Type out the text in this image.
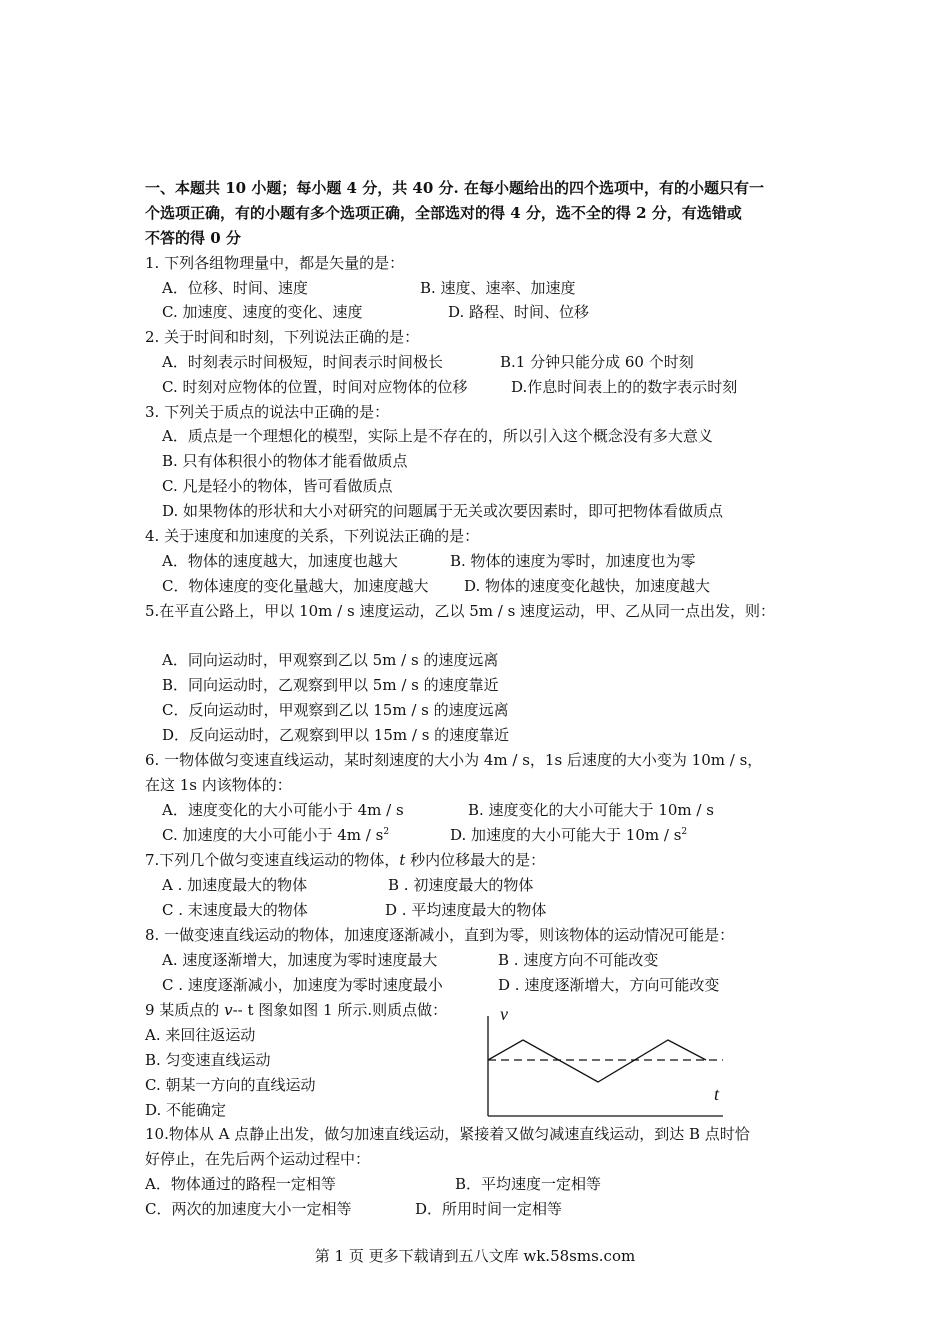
一、本题共 10 小题；每小题 4 分，共 40 分. 在每小题给出的四个选项中，有的小题只有一
个选项正确，有的小题有多个选项正确，全部选对的得 4 分，选不全的得 2 分，有选错或
不答的得 0 分
1. 下列各组物理量中，都是矢量的是：
A．位移、时间、速度	B. 速度、速率、加速度
C. 加速度、速度的变化、速度	D. 路程、时间、位移
2. 关于时间和时刻，下列说法正确的是：
A．时刻表示时间极短，时间表示时间极长	B.1 分钟只能分成 60 个时刻
C. 时刻对应物体的位置，时间对应物体的位移	D.作息时间表上的的数字表示时刻
3. 下列关于质点的说法中正确的是：
A．质点是一个理想化的模型，实际上是不存在的，所以引入这个概念没有多大意义
B. 只有体积很小的物体才能看做质点
C. 凡是轻小的物体，皆可看做质点
D. 如果物体的形状和大小对研究的问题属于无关或次要因素时，即可把物体看做质点
4. 关于速度和加速度的关系，下列说法正确的是：
A．物体的速度越大，加速度也越大	B. 物体的速度为零时，加速度也为零
C．物体速度的变化量越大，加速度越大 D. 物体的速度变化越快，加速度越大
5.在平直公路上，甲以 10m / s 速度运动，乙以 5m / s 速度运动，甲、乙从同一点出发，则：
A．同向运动时，甲观察到乙以 5m / s 的速度远离
B．同向运动时，乙观察到甲以 5m / s 的速度靠近
C．反向运动时，甲观察到乙以 15m / s 的速度远离
D．反向运动时，乙观察到甲以 15m / s 的速度靠近
6. 一物体做匀变速直线运动，某时刻速度的大小为 4m / s，1s 后速度的大小变为 10m / s，
在这 1s 内该物体的：
A．速度变化的大小可能小于 4m / s	B. 速度变化的大小可能大于 10m / s
C. 加速度的大小可能小于 $4m / s^2$	D. 加速度的大小可能大于 $10m / s^2$
7.下列几个做匀变速直线运动的物体，t 秒内位移最大的是：
A . 加速度最大的物体	B . 初速度最大的物体
C . 末速度最大的物体	D . 平均速度最大的物体
8. 一做变速直线运动的物体，加速度逐渐减小，直到为零，则该物体的运动情况可能是：
A. 速度逐渐增大，加速度为零时速度最大	B . 速度方向不可能改变
C . 速度逐渐减小，加速度为零时速度最小	D . 速度逐渐增大，方向可能改变
9 某质点的 v-- t 图象如图 1 所示.则质点做：
A. 来回往返运动
B. 匀变速直线运动
C. 朝某一方向的直线运动
D. 不能确定
v
t
10.物体从 A 点静止出发，做匀加速直线运动，紧接着又做匀减速直线运动，到达 B 点时恰
好停止，在先后两个运动过程中：
A．物体通过的路程一定相等	B．平均速度一定相等
C．两次的加速度大小一定相等	D．所用时间一定相等
第 1 页 更多下载请到五八文库 wk.58sms.com
